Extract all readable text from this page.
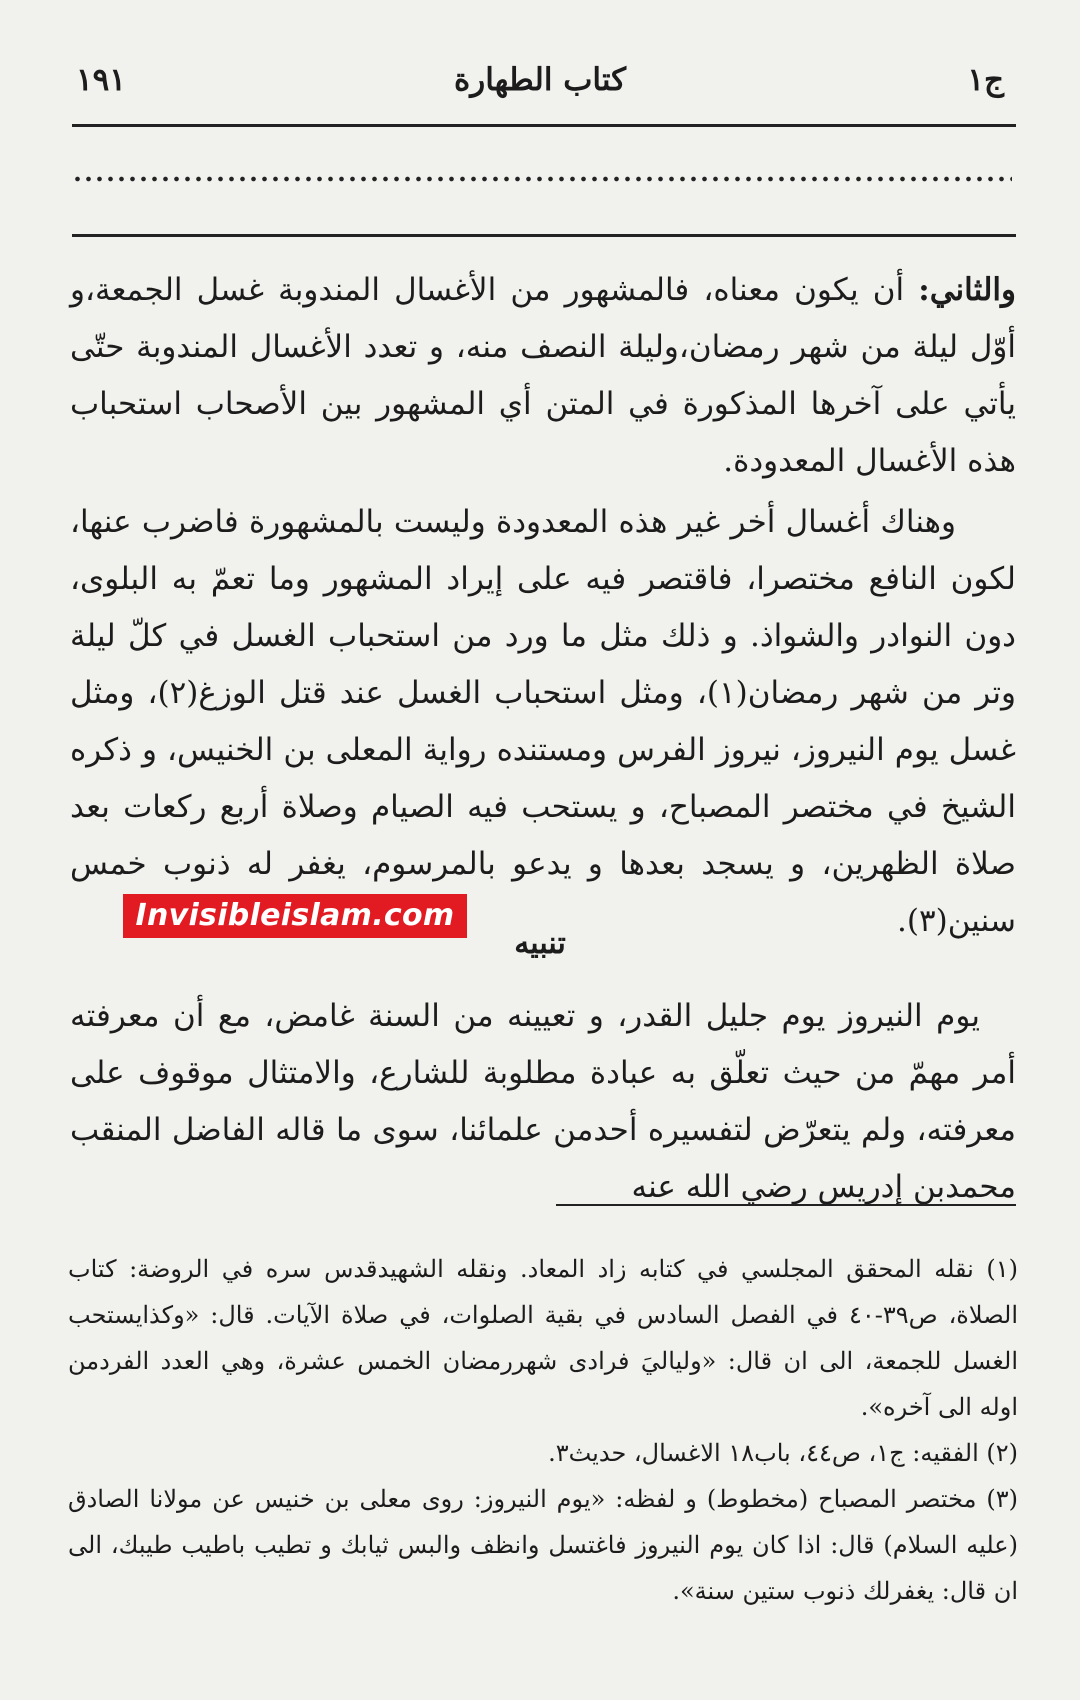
١٩١	كتاب الطهارة	ج١

والثاني: أن يكون معناه، فالمشهور من الأغسال المندوبة غسل الجمعة،و أوّل ليلة من شهر رمضان،وليلة النصف منه، و تعدد الأغسال المندوبة حتّى يأتي على آخرها المذكورة في المتن أي المشهور بين الأصحاب استحباب هذه الأغسال المعدودة.

وهناك أغسال أخر غير هذه المعدودة وليست بالمشهورة فاضرب عنها، لكون النافع مختصرا، فاقتصر فيه على إيراد المشهور وما تعمّ به البلوى، دون النوادر والشواذ. و ذلك مثل ما ورد من استحباب الغسل في كلّ ليلة وتر من شهر رمضان(١)، ومثل استحباب الغسل عند قتل الوزغ(٢)، ومثل غسل يوم النيروز، نيروز الفرس ومستنده رواية المعلى بن الخنيس، و ذكره الشيخ في مختصر المصباح، و يستحب فيه الصيام وصلاة أربع ركعات بعد صلاة الظهرين، و يسجد بعدها و يدعو بالمرسوم، يغفر له ذنوب خمس سنين(٣).

Invisibleislam.com
تنبيه

يوم النيروز يوم جليل القدر، و تعيينه من السنة غامض، مع أن معرفته أمر مهمّ من حيث تعلّق به عبادة مطلوبة للشارع، والامتثال موقوف على معرفته، ولم يتعرّض لتفسيره أحدمن علمائنا، سوى ما قاله الفاضل المنقب محمدبن إدريس رضي الله عنه

(١) نقله المحقق المجلسي في كتابه زاد المعاد. ونقله الشهيدقدس سره في الروضة: كتاب الصلاة، ص٣٩-٤٠ في الفصل السادس في بقية الصلوات، في صلاة الآيات. قال: «وكذايستحب الغسل للجمعة، الى ان قال: «ولياليَ فرادى شهررمضان الخمس عشرة، وهي العدد الفردمن اوله الى آخره».

(٢) الفقيه: ج١، ص٤٤، باب١٨ الاغسال، حديث٣.

(٣) مختصر المصباح (مخطوط) و لفظه: «يوم النيروز: روى معلى بن خنيس عن مولانا الصادق (عليه السلام) قال: اذا كان يوم النيروز فاغتسل وانظف والبس ثيابك و تطيب باطيب طيبك، الى ان قال: يغفرلك ذنوب ستين سنة».
